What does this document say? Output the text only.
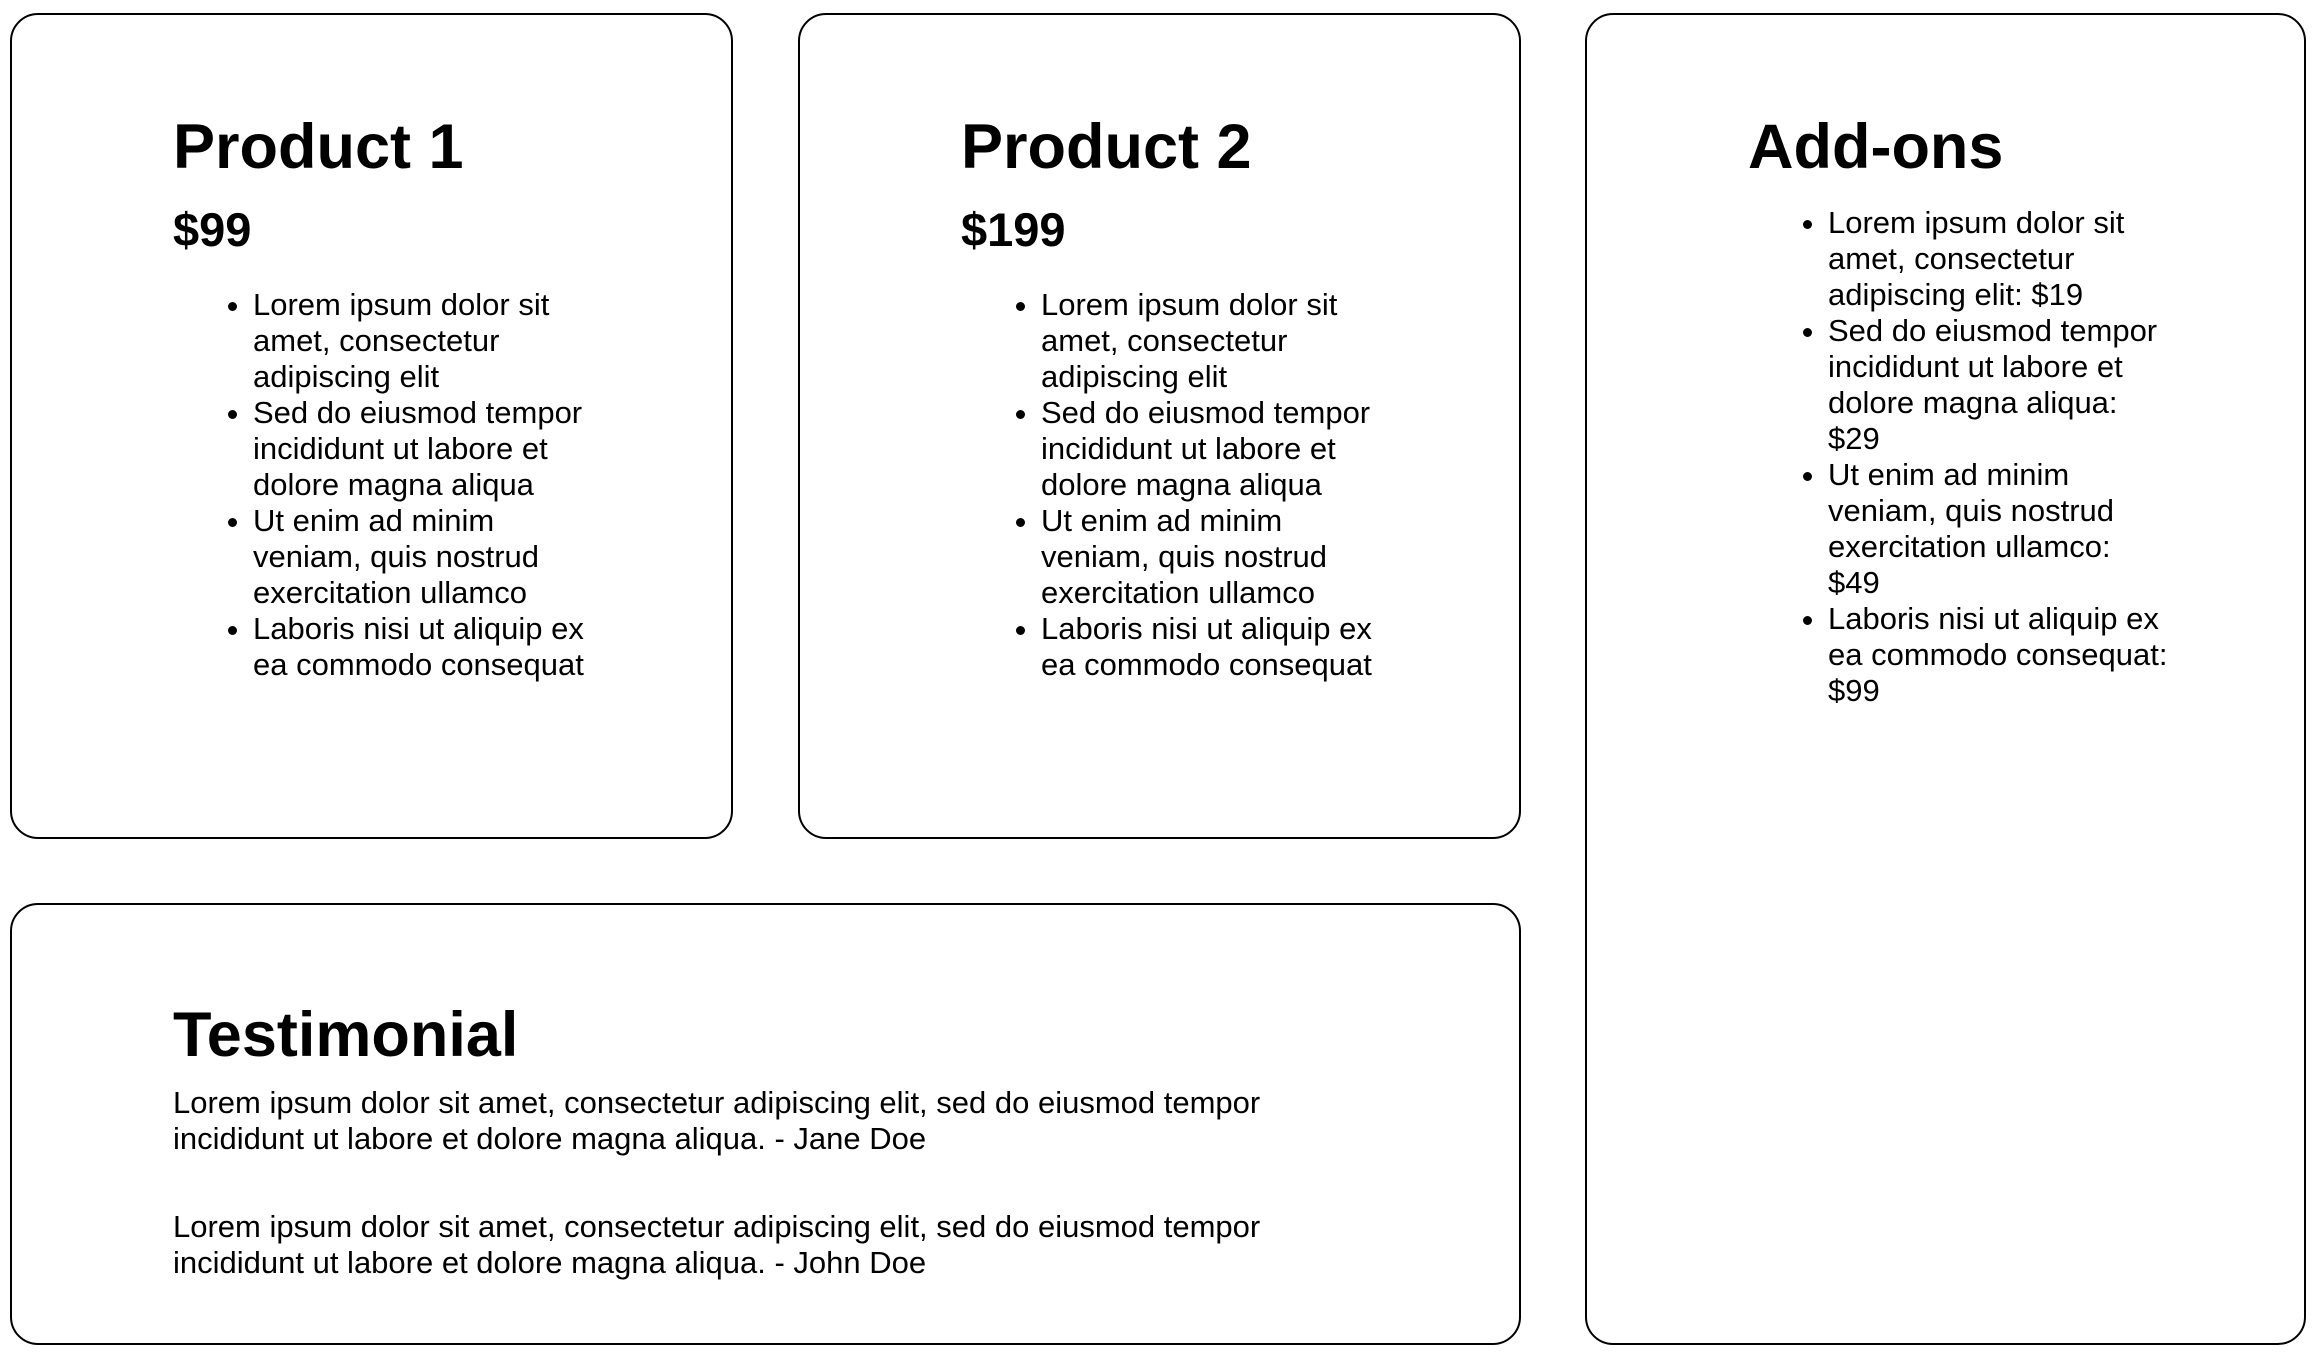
Product 1
$99
• Lorem ipsum dolor sit amet, consectetur adipiscing elit
• Sed do eiusmod tempor incididunt ut labore et dolore magna aliqua
• Ut enim ad minim veniam, quis nostrud exercitation ullamco
• Laboris nisi ut aliquip ex ea commodo consequat
Product 2
$199
• Lorem ipsum dolor sit amet, consectetur adipiscing elit
• Sed do eiusmod tempor incididunt ut labore et dolore magna aliqua
• Ut enim ad minim veniam, quis nostrud exercitation ullamco
• Laboris nisi ut aliquip ex ea commodo consequat
Add-ons
• Lorem ipsum dolor sit amet, consectetur adipiscing elit: $19
• Sed do eiusmod tempor incididunt ut labore et dolore magna aliqua: $29
• Ut enim ad minim veniam, quis nostrud exercitation ullamco: $49
• Laboris nisi ut aliquip ex ea commodo consequat: $99
Testimonial

Lorem ipsum dolor sit amet, consectetur adipiscing elit, sed do eiusmod tempor incididunt ut labore et dolore magna aliqua. - Jane Doe

Lorem ipsum dolor sit amet, consectetur adipiscing elit, sed do eiusmod tempor incididunt ut labore et dolore magna aliqua. - John Doe
